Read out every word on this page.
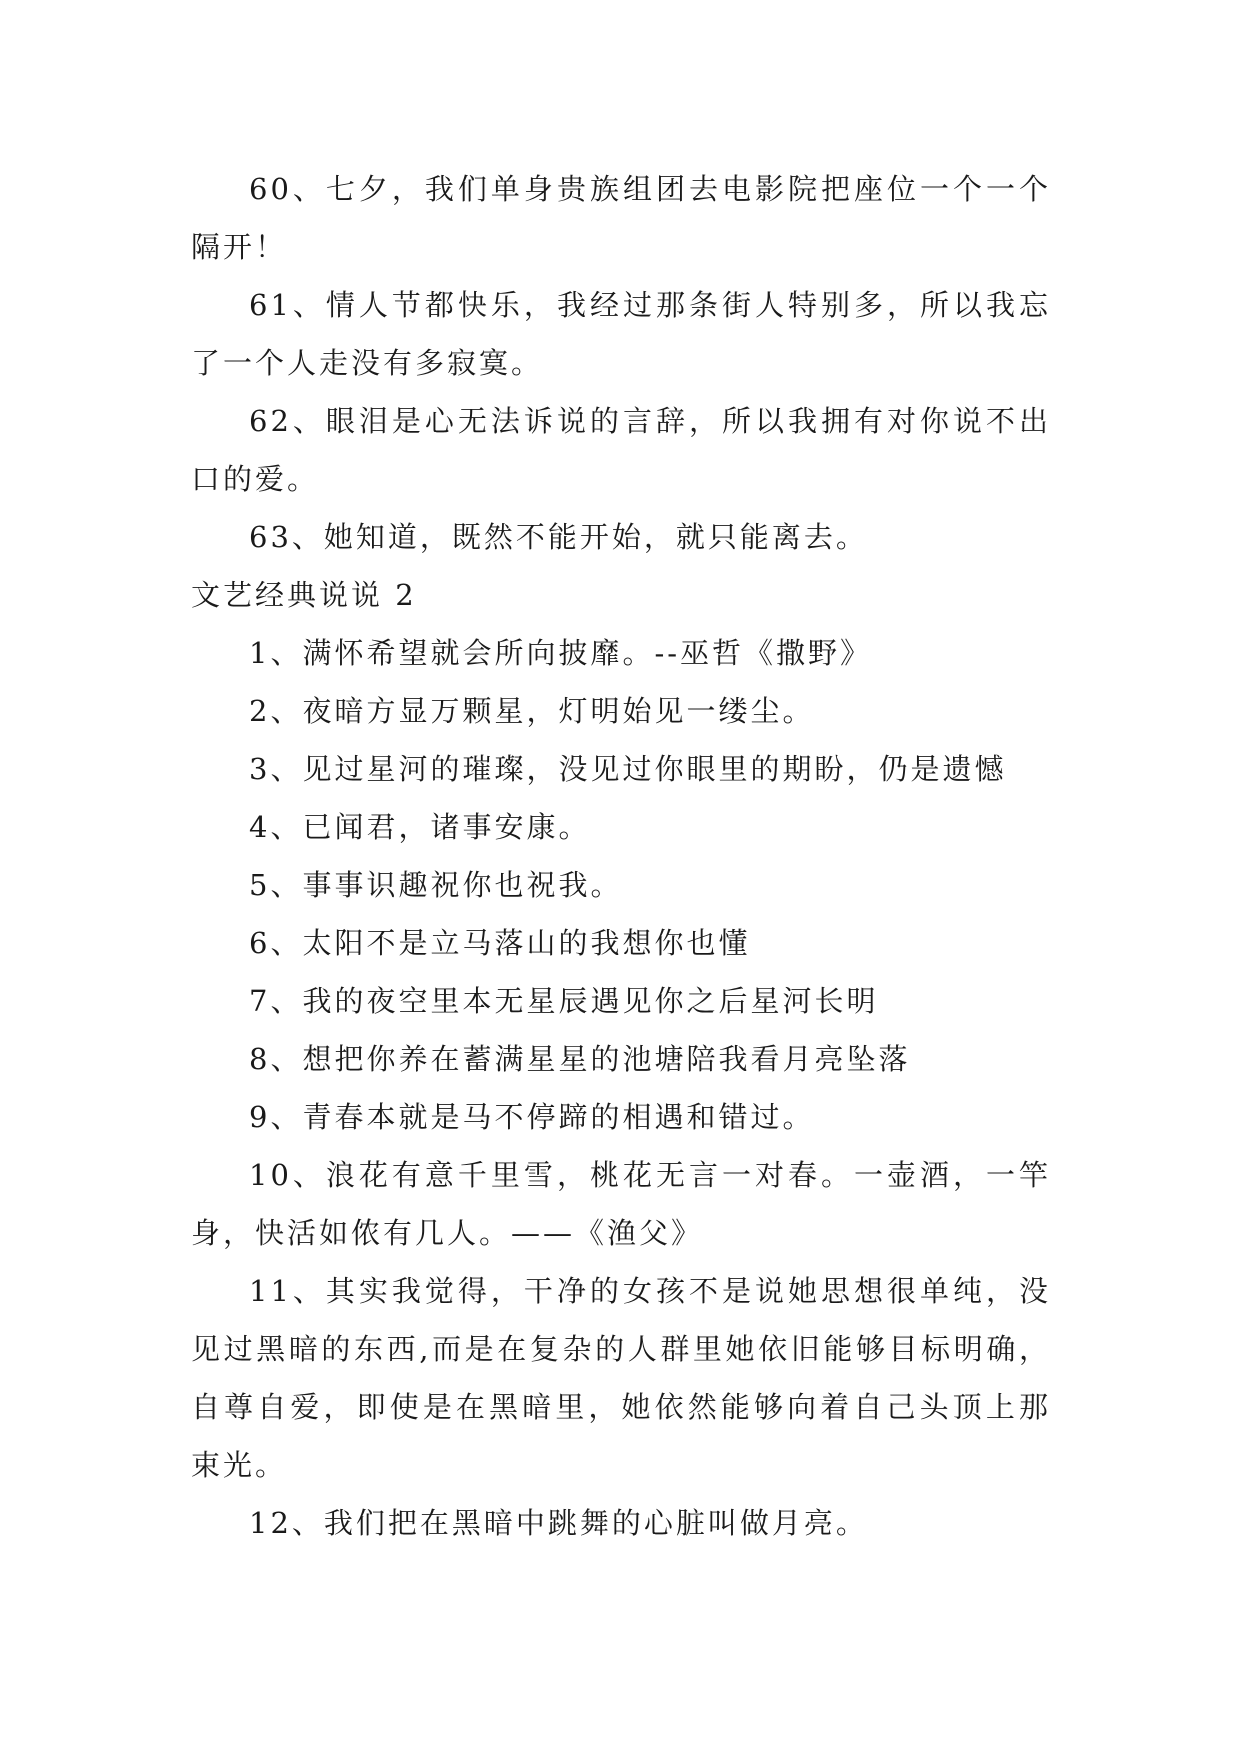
60、七夕，我们单身贵族组团去电影院把座位一个一个隔开！

61、情人节都快乐，我经过那条街人特别多，所以我忘了一个人走没有多寂寞。

62、眼泪是心无法诉说的言辞，所以我拥有对你说不出口的爱。

63、她知道，既然不能开始，就只能离去。

文艺经典说说 2

1、满怀希望就会所向披靡。--巫哲《撒野》

2、夜暗方显万颗星，灯明始见一缕尘。

3、见过星河的璀璨，没见过你眼里的期盼，仍是遗憾

4、已闻君，诸事安康。

5、事事识趣祝你也祝我。

6、太阳不是立马落山的我想你也懂

7、我的夜空里本无星辰遇见你之后星河长明

8、想把你养在蓄满星星的池塘陪我看月亮坠落

9、青春本就是马不停蹄的相遇和错过。

10、浪花有意千里雪，桃花无言一对春。一壶酒，一竿身，快活如侬有几人。——《渔父》

11、其实我觉得，干净的女孩不是说她思想很单纯，没见过黑暗的东西,而是在复杂的人群里她依旧能够目标明确，自尊自爱，即使是在黑暗里，她依然能够向着自己头顶上那束光。

12、我们把在黑暗中跳舞的心脏叫做月亮。
